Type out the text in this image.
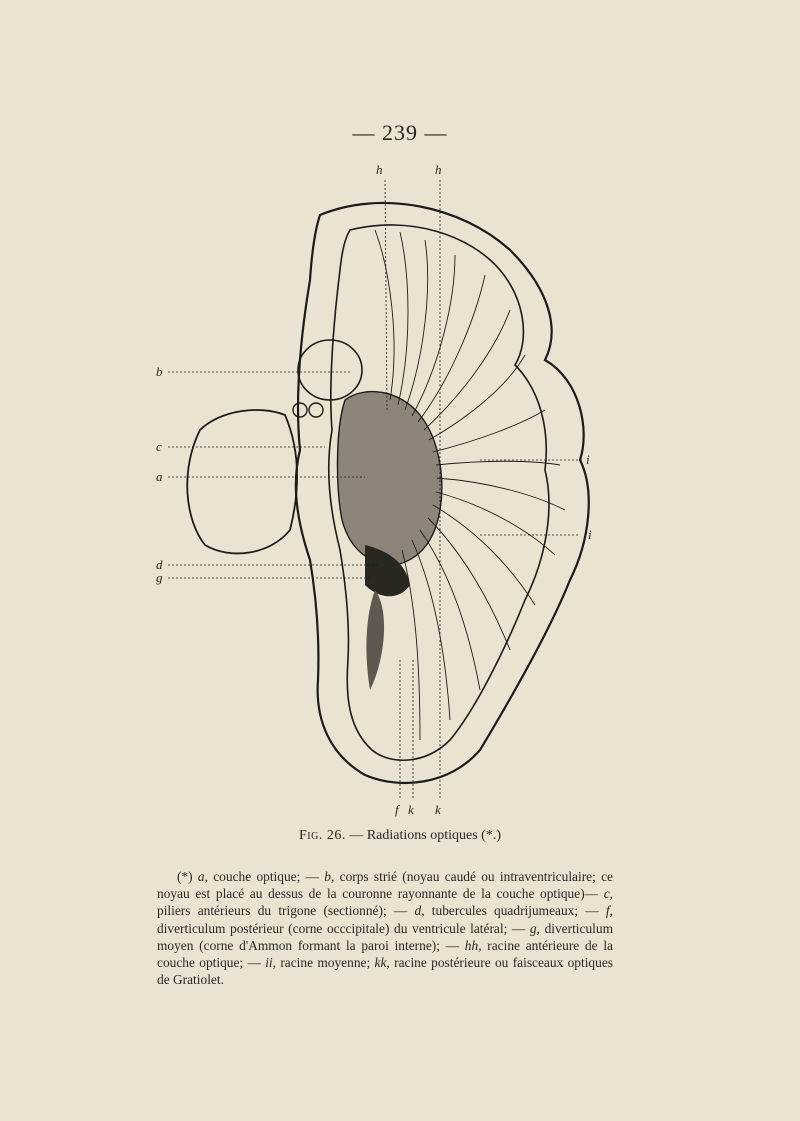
— 239 —
h	h
b
c
a
d
g
i
i
f k k
Fig. 26. — Radiations optiques (*.)
(*) a, couche optique; — b, corps strié (noyau caudé ou intraventriculaire; ce noyau est placé au dessus de la couronne rayonnante de la couche optique)— c, piliers antérieurs du trigone (sectionné); — d, tubercules quadrijumeaux; — f, diverticulum postérieur (corne occcipitale) du ventricule latéral; — g, diverticulum moyen (corne d'Ammon formant la paroi interne); — hh, racine antérieure de la couche optique; — ii, racine moyenne; kk, racine postérieure ou faisceaux optiques de Gratiolet.
